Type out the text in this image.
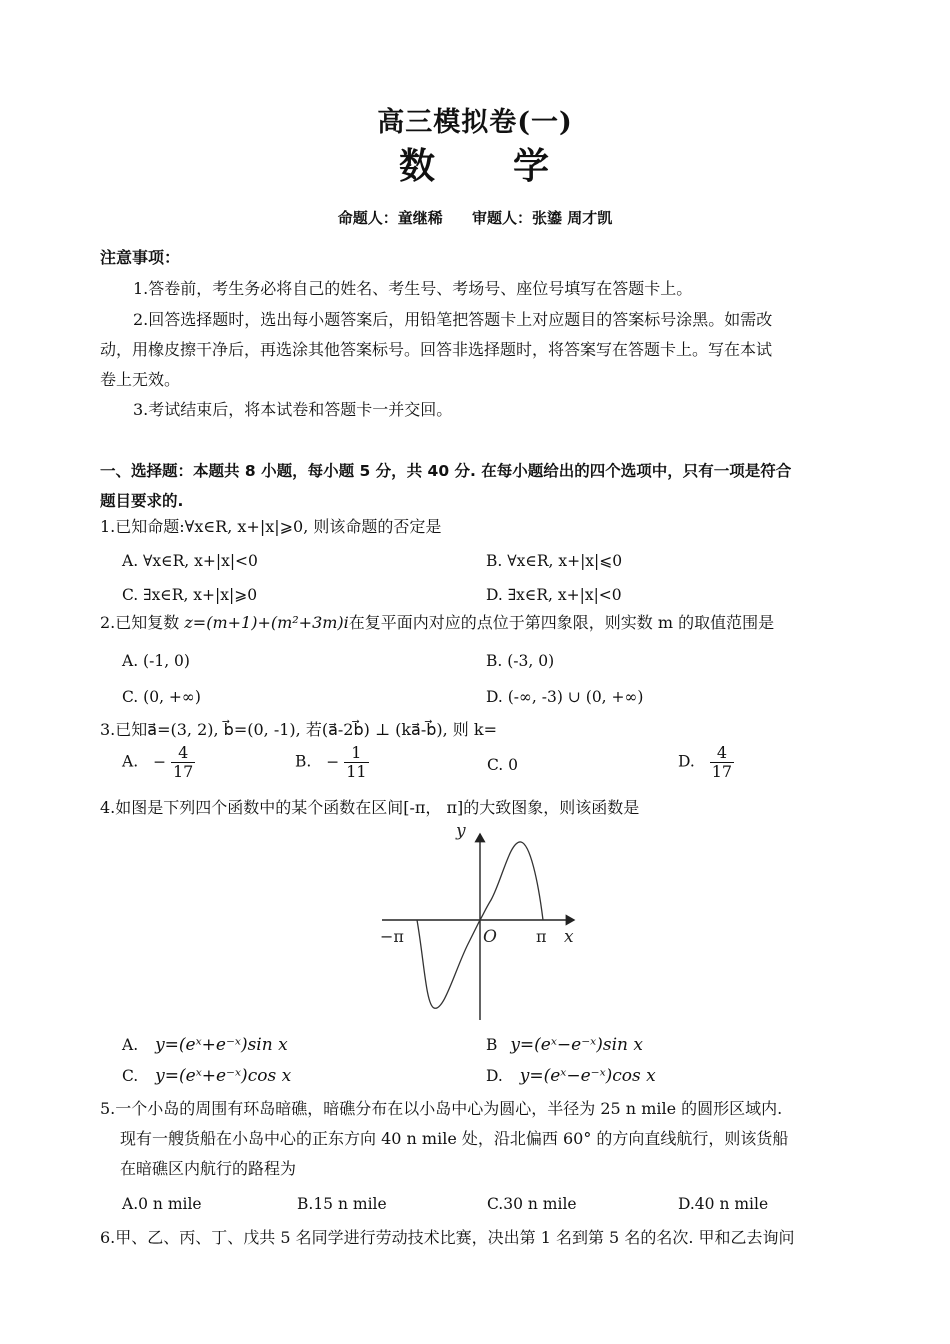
高三模拟卷(一)
数　　学
命题人：童继稀 审题人：张鎏 周才凯
注意事项：
1.答卷前，考生务必将自己的姓名、考生号、考场号、座位号填写在答题卡上。
2.回答选择题时，选出每小题答案后，用铅笔把答题卡上对应题目的答案标号涂黑。如需改
动，用橡皮擦干净后，再选涂其他答案标号。回答非选择题时，将答案写在答题卡上。写在本试
卷上无效。
3.考试结束后，将本试卷和答题卡一并交回。
一、选择题：本题共 8 小题，每小题 5 分，共 40 分. 在每小题给出的四个选项中，只有一项是符合
题目要求的.
1.已知命题:∀x∈R, x+|x|⩾0, 则该命题的否定是
A. ∀x∈R, x+|x|<0	B. ∀x∈R, x+|x|⩽0
C. ∃x∈R, x+|x|⩾0	D. ∃x∈R, x+|x|<0
2.已知复数 z=(m+1)+(m²+3m)i在复平面内对应的点位于第四象限，则实数 m 的取值范围是
A. (-1, 0)	B. (-3, 0)
C. (0, +∞)	D. (-∞, -3) ∪ (0, +∞)
3.已知a⃗=(3, 2), b⃗=(0, -1), 若(a⃗-2b⃗) ⊥ (ka⃗-b⃗), 则 k=
A. − $\frac{4}{17}$	B. − $\frac{1}{11}$	C. 0	D. $\frac{4}{17}$
4.如图是下列四个函数中的某个函数在区间[-π， π]的大致图象，则该函数是
y
x
O
−π	π
A. y=(eˣ+e⁻ˣ)sin x	B y=(eˣ−e⁻ˣ)sin x
C. y=(eˣ+e⁻ˣ)cos x	D. y=(eˣ−e⁻ˣ)cos x
5.一个小岛的周围有环岛暗礁，暗礁分布在以小岛中心为圆心，半径为 25 n mile 的圆形区域内.
现有一艘货船在小岛中心的正东方向 40 n mile 处，沿北偏西 60° 的方向直线航行，则该货船
在暗礁区内航行的路程为
A.0 n mile	B.15 n mile	C.30 n mile	D.40 n mile
6.甲、乙、丙、丁、戊共 5 名同学进行劳动技术比赛，决出第 1 名到第 5 名的名次. 甲和乙去询问
